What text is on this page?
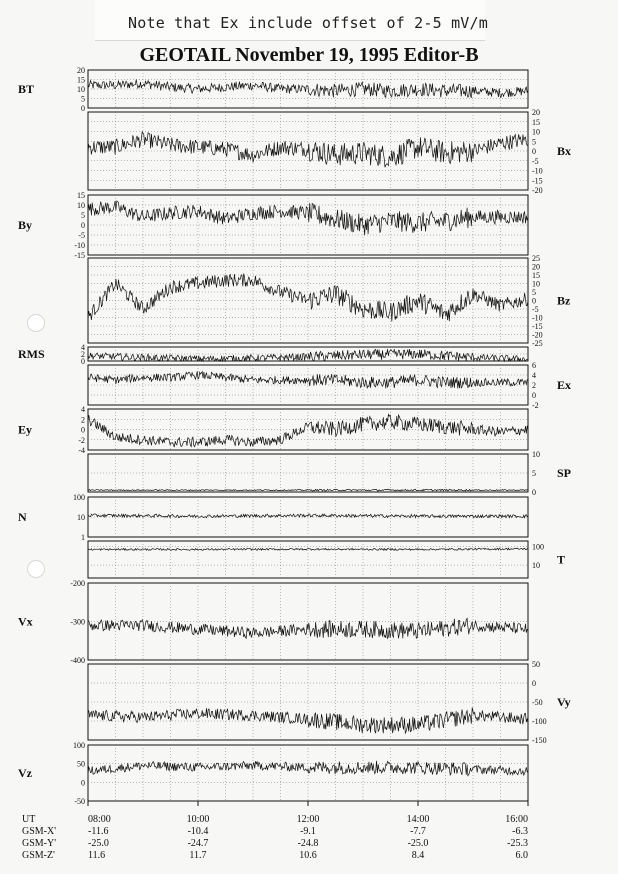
Note that Ex include offset of 2-5 mV/m
GEOTAIL November 19, 1995 Editor-B
20
15
10
5
0
BT
20
15
10
5
0
-5
-10
-15
-20
Bx
15
10
5
0
-5
-10
-15
By
25
20
15
10
5
0
-5
-10
-15
-20
-25
Bz
4
2
0
RMS
6
4
2
0
-2
Ex
4
2
0
-2
-4
Ey
10
5
0
SP
100
10
1
N
100
10 T
-200
-300
-400
Vx
50
0
-50
-100
-150
Vy
100
50
0
-50
Vz
UT
GSM-X'
GSM-Y'
GSM-Z'
08:00
-11.6
-25.0
11.6
10:00
-10.4
-24.7
11.7
12:00
-9.1
-24.8
10.6
14:00
-7.7
-25.0
8.4
16:00
-6.3
-25.3
6.0
